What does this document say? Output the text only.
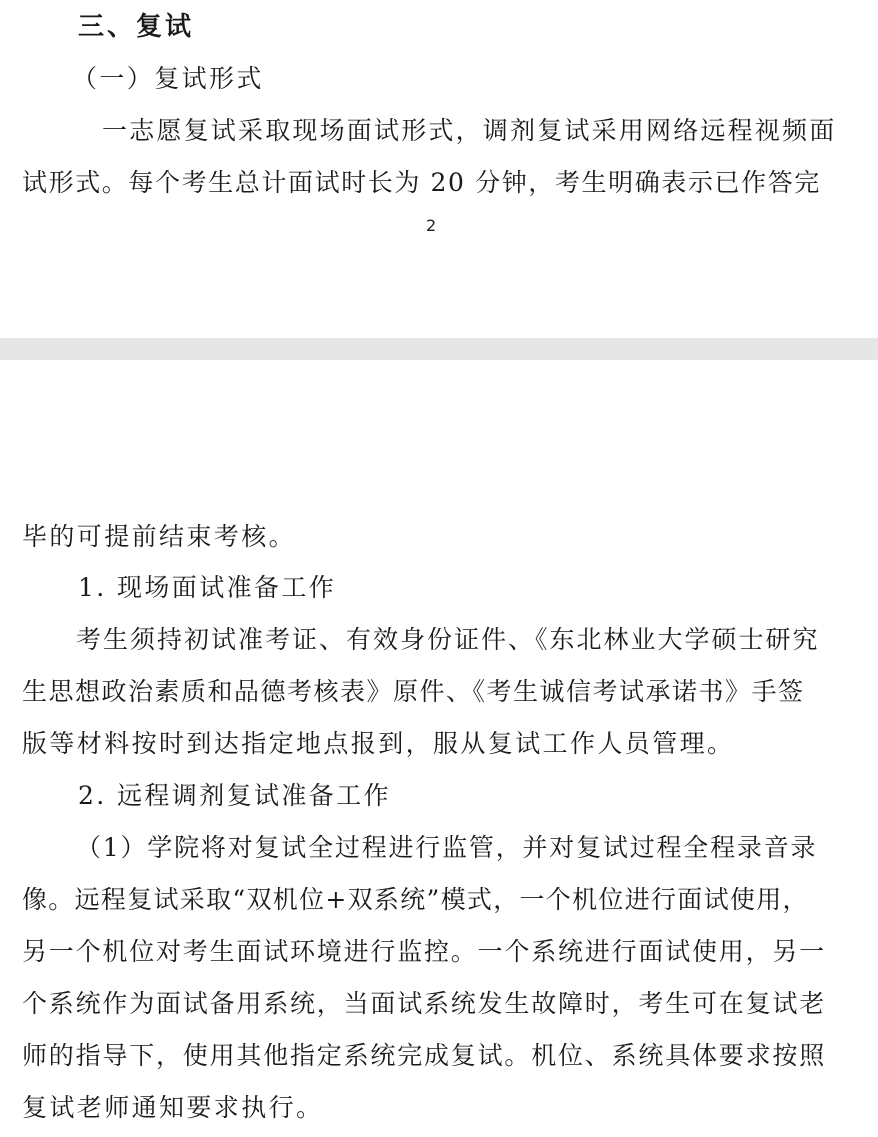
三、复试
（一）复试形式
一志愿复试采取现场面试形式，调剂复试采用网络远程视频面
试形式。每个考生总计面试时长为 20 分钟，考生明确表示已作答完
2
毕的可提前结束考核。
1. 现场面试准备工作
考生须持初试准考证、有效身份证件、《东北林业大学硕士研究
生思想政治素质和品德考核表》原件、《考生诚信考试承诺书》手签
版等材料按时到达指定地点报到，服从复试工作人员管理。
2. 远程调剂复试准备工作
（1）学院将对复试全过程进行监管，并对复试过程全程录音录
像。远程复试采取“双机位+双系统”模式，一个机位进行面试使用，
另一个机位对考生面试环境进行监控。一个系统进行面试使用，另一
个系统作为面试备用系统，当面试系统发生故障时，考生可在复试老
师的指导下，使用其他指定系统完成复试。机位、系统具体要求按照
复试老师通知要求执行。
